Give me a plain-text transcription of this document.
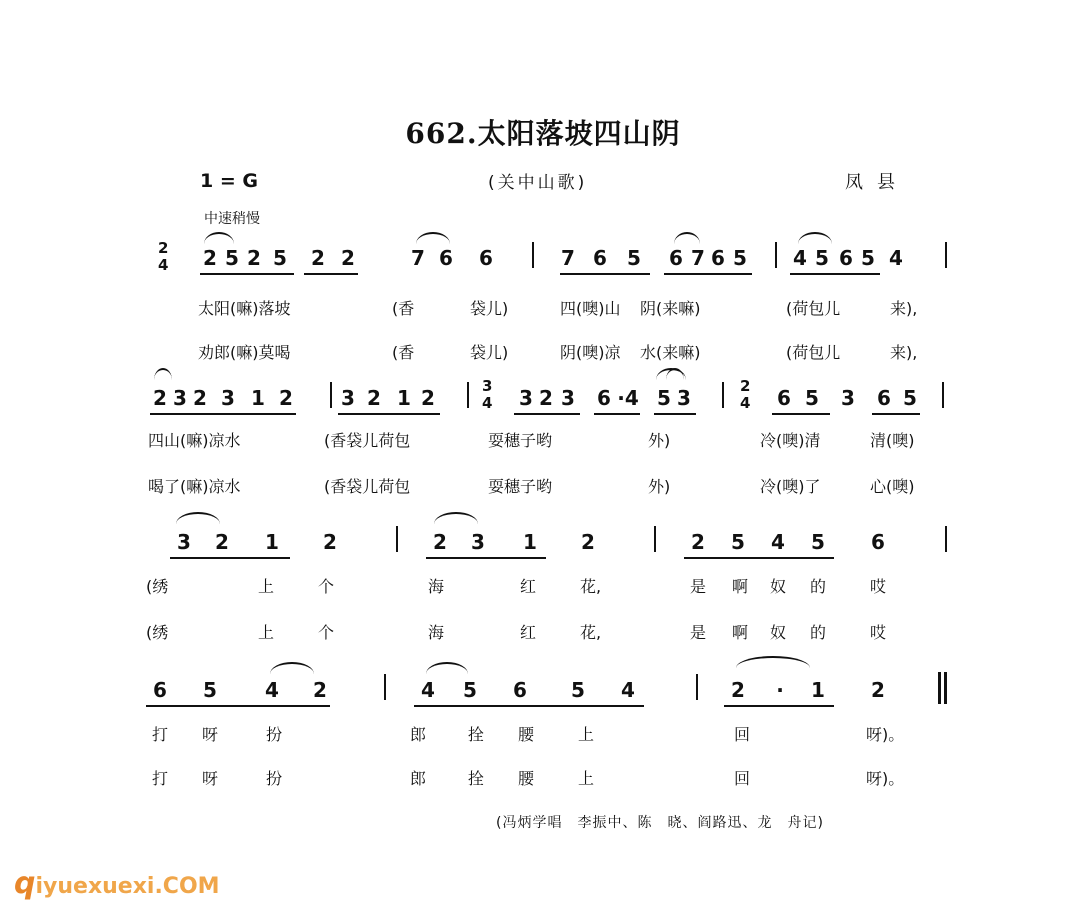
662.太阳落坡四山阴
1 = G	(关中山歌)	凤县
中速稍慢
2 5 2 5	2 2	7 6	6	7 6	5	6 7 6 5	4 5 6 5 4
太阳(嘛)落坡	(香	袋儿)	四(噢)山 阴(来嘛)	(荷包儿	来),
劝郎(嘛)莫喝	(香	袋儿)	阴(噢)凉 水(来嘛)	(荷包儿	来),
2 3 2 3 1 2	3 2 1 2	3 2 3	6 ·4 5 3	6 5	3	6 5
四山(嘛)凉水	(香袋儿荷包	耍穗子哟	外)	冷(噢)清	清(噢)
喝了(嘛)凉水	(香袋儿荷包	耍穗子哟	外)	冷(噢)了	心(噢)
3	2	1	2	2	3	1	2	2	5	4	5	6
(绣	上	个	海	红	花,	是 啊 奴 的	哎
(绣	上	个	海	红	花,	是 啊 奴 的	哎
6	5	4	2	4	5	6	5	4	2	·	1	2
打 呀	扮	郎	拴 腰	上	回	呀)。
打 呀	扮	郎	拴 腰	上	回	呀)。
2
4
3
4
2
4
(冯炳学唱　李振中、陈　晓、阎路迅、龙　舟记)
qiyuexuexi.COM
